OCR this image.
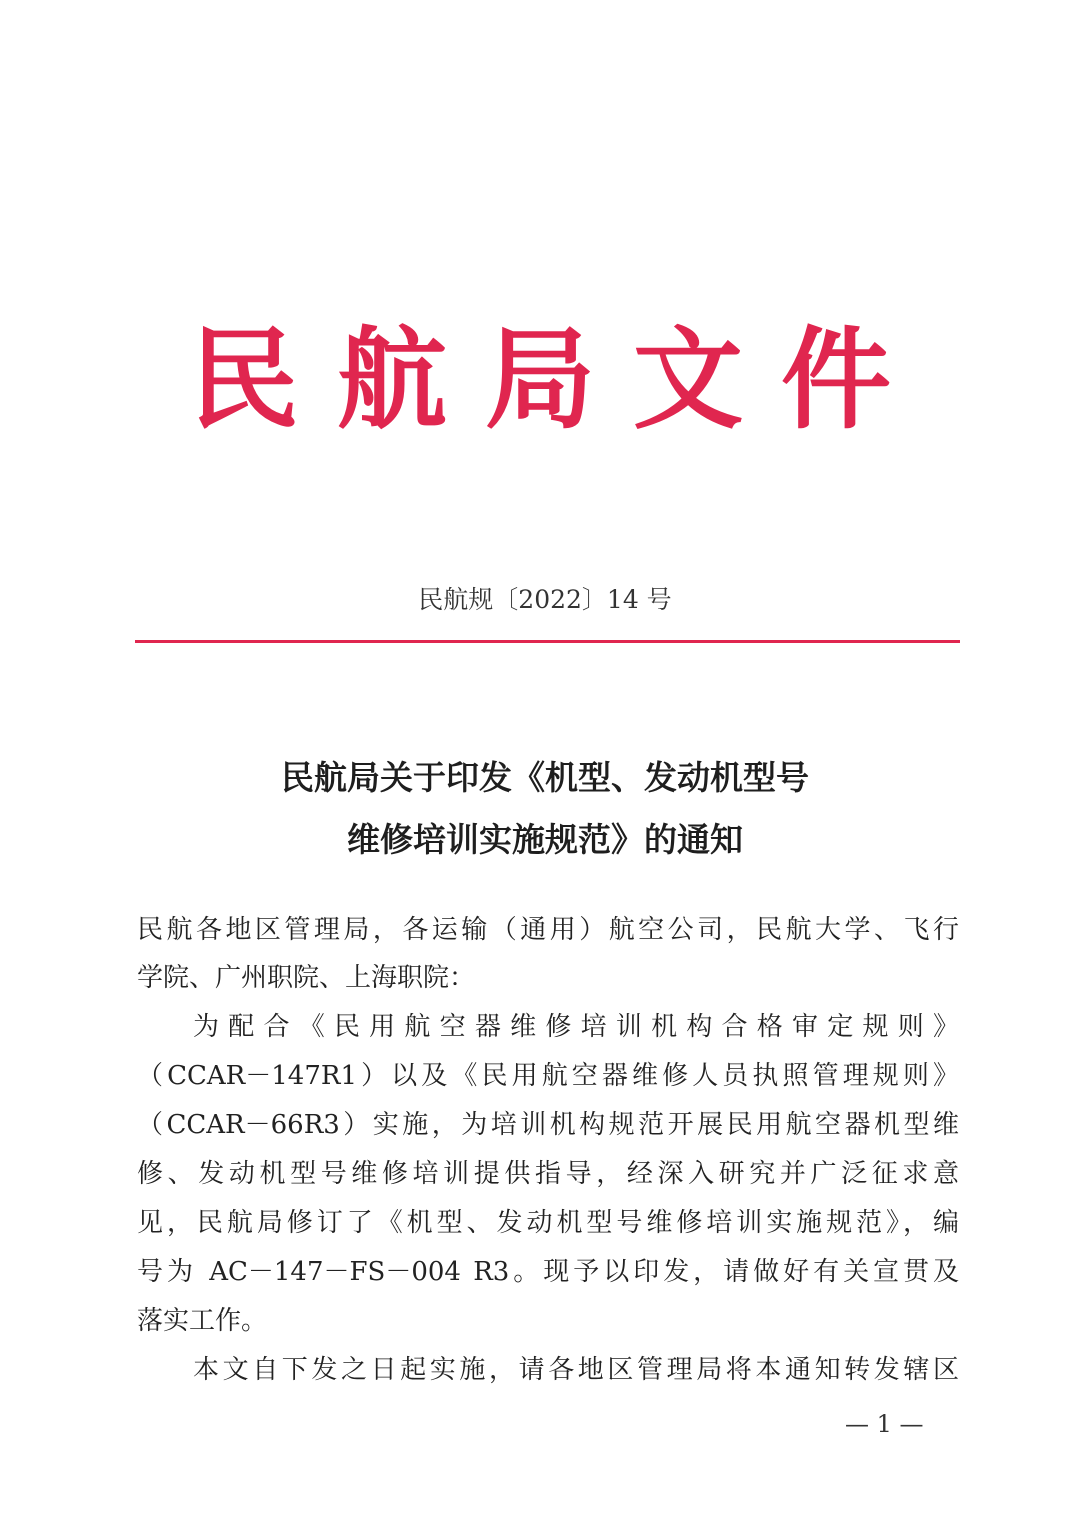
民航局文件
民航规〔2022〕14 号
民航局关于印发《机型、发动机型号
维修培训实施规范》的通知
民航各地区管理局，各运输（通用）航空公司，民航大学、飞行
学院、广州职院、上海职院：
为配合《民用航空器维修培训机构合格审定规则》
（CCAR－147R1）以及《民用航空器维修人员执照管理规则》
（CCAR－66R3）实施，为培训机构规范开展民用航空器机型维
修、发动机型号维修培训提供指导，经深入研究并广泛征求意
见，民航局修订了《机型、发动机型号维修培训实施规范》，编
号为 AC－147－FS－004 R3。现予以印发，请做好有关宣贯及
落实工作。
本文自下发之日起实施，请各地区管理局将本通知转发辖区
— 1 —
